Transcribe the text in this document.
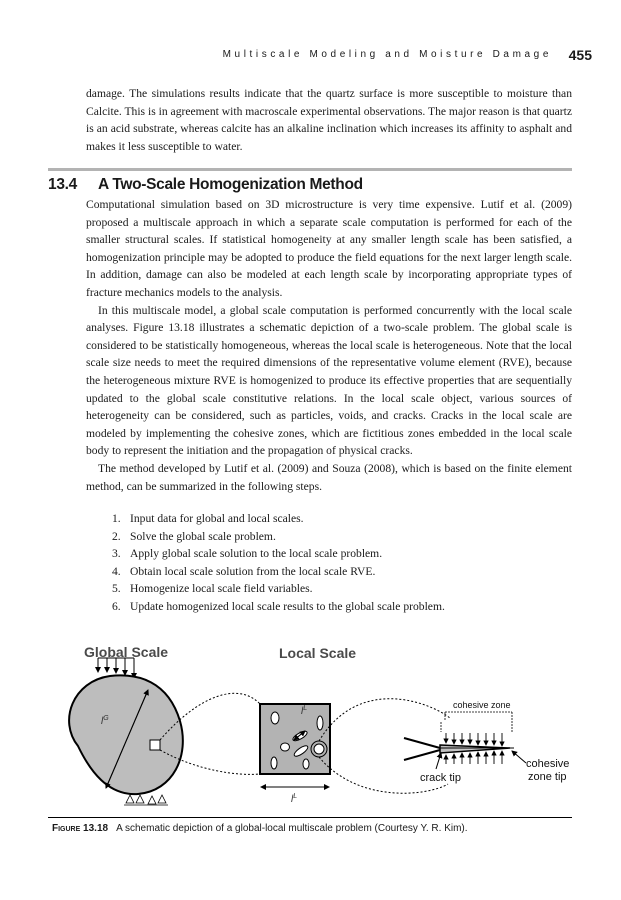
Multiscale Modeling and Moisture Damage 455

damage. The simulations results indicate that the quartz surface is more susceptible to moisture than Calcite. This is in agreement with macroscale experimental observations. The major reason is that quartz is an acid substrate, whereas calcite has an alkaline inclination which increases its affinity to asphalt and makes it less susceptible to water.

13.4 A Two-Scale Homogenization Method

Computational simulation based on 3D microstructure is very time expensive. Lutif et al. (2009) proposed a multiscale approach in which a separate scale computation is performed for each of the smaller structural scales. If statistical homogeneity at any smaller length scale has been satisfied, a homogenization principle may be adopted to produce the field equations for the next larger length scale. In addition, damage can also be modeled at each length scale by incorporating appropriate types of fracture mechanics models to the analysis.

In this multiscale model, a global scale computation is performed concurrently with the local scale analyses. Figure 13.18 illustrates a schematic depiction of a two-scale problem. The global scale is considered to be statistically homogeneous, whereas the local scale is heterogeneous. Note that the local scale size needs to meet the required dimensions of the representative volume element (RVE), because the heterogeneous mixture RVE is homogenized to produce its effective properties that are sequentially updated to the global scale constitutive relations. In the local scale object, various sources of heterogeneity can be considered, such as particles, voids, and cracks. Cracks in the local scale are modeled by implementing the cohesive zones, which are fictitious zones embedded in the local scale body to represent the initiation and the propagation of physical cracks.

The method developed by Lutif et al. (2009) and Souza (2008), which is based on the finite element method, can be summarized in the following steps.

1. Input data for global and local scales.
2. Solve the global scale problem.
3. Apply global scale solution to the local scale problem.
4. Obtain local scale solution from the local scale RVE.
5. Homogenize local scale field variables.
6. Update homogenized local scale results to the global scale problem.
Global Scale	Local Scale
$l^G$
$l^L$
$l^L$
cohesive zone
crack tip
cohesive
zone tip
Figure 13.18 A schematic depiction of a global-local multiscale problem (Courtesy Y. R. Kim).
